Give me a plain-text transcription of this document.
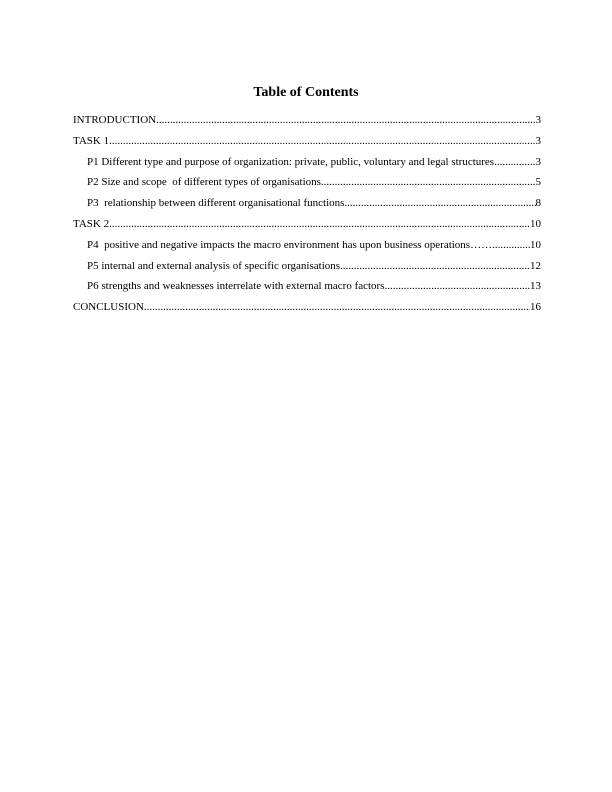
Table of Contents
INTRODUCTION .....	3
TASK 1 .....	3
P1 Different type and purpose of organization: private, public, voluntary and legal structures. .....	3
P2 Size and scope  of different types of organisations .....	5
P3  relationship between different organisational functions .....	8
TASK 2 .....	10
P4  positive and negative impacts the macro environment has upon business operations…… .....	10
P5 internal and external analysis of specific organisations .....	12
P6 strengths and weaknesses interrelate with external macro factors .....	13
CONCLUSION .....	16
